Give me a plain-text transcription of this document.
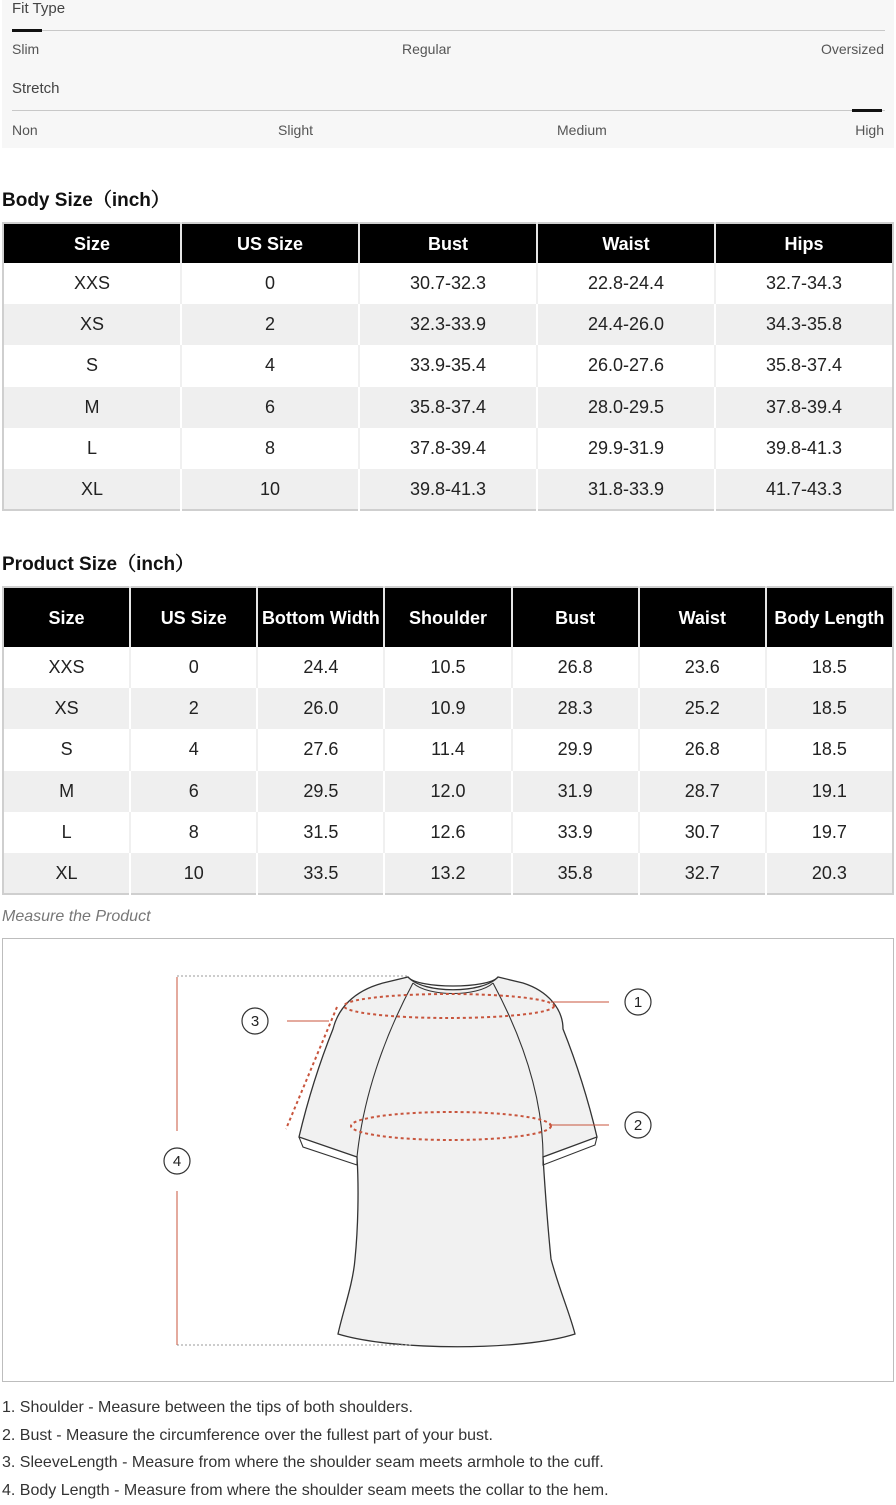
Fit Type
Slim	Regular	Oversized
Stretch
Non	Slight	Medium	High
Body Size（inch）
Size	US Size	Bust	Waist	Hips
XXS	0	30.7-32.3	22.8-24.4	32.7-34.3
XS	2	32.3-33.9	24.4-26.0	34.3-35.8
S	4	33.9-35.4	26.0-27.6	35.8-37.4
M	6	35.8-37.4	28.0-29.5	37.8-39.4
L	8	37.8-39.4	29.9-31.9	39.8-41.3
XL	10	39.8-41.3	31.8-33.9	41.7-43.3
Product Size（inch）
Size	US Size	Bottom Width	Shoulder	Bust	Waist	Body Length
XXS	0	24.4	10.5	26.8	23.6	18.5
XS	2	26.0	10.9	28.3	25.2	18.5
S	4	27.6	11.4	29.9	26.8	18.5
M	6	29.5	12.0	31.9	28.7	19.1
L	8	31.5	12.6	33.9	30.7	19.7
XL	10	33.5	13.2	35.8	32.7	20.3
Measure the Product
1
2
3
4
1. Shoulder - Measure between the tips of both shoulders.
2. Bust - Measure the circumference over the fullest part of your bust.
3. SleeveLength - Measure from where the shoulder seam meets armhole to the cuff.
4. Body Length - Measure from where the shoulder seam meets the collar to the hem.
